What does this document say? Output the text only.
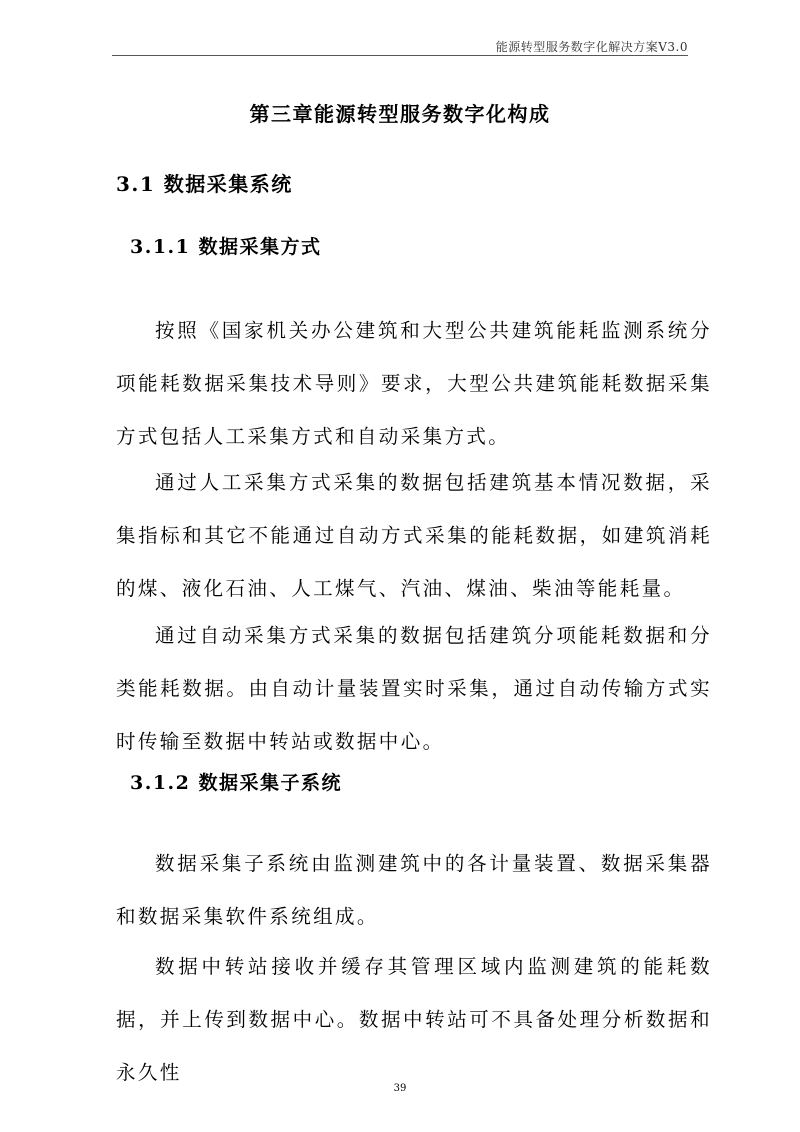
能源转型服务数字化解决方案V3.0
第三章能源转型服务数字化构成
3.1 数据采集系统
3.1.1 数据采集方式

按照《国家机关办公建筑和大型公共建筑能耗监测系统分项能耗数据采集技术导则》要求，大型公共建筑能耗数据采集方式包括人工采集方式和自动采集方式。

通过人工采集方式采集的数据包括建筑基本情况数据，采集指标和其它不能通过自动方式采集的能耗数据，如建筑消耗的煤、液化石油、人工煤气、汽油、煤油、柴油等能耗量。

通过自动采集方式采集的数据包括建筑分项能耗数据和分类能耗数据。由自动计量装置实时采集，通过自动传输方式实时传输至数据中转站或数据中心。

3.1.2 数据采集子系统

数据采集子系统由监测建筑中的各计量装置、数据采集器和数据采集软件系统组成。

数据中转站接收并缓存其管理区域内监测建筑的能耗数据，并上传到数据中心。数据中转站可不具备处理分析数据和永久性

39
